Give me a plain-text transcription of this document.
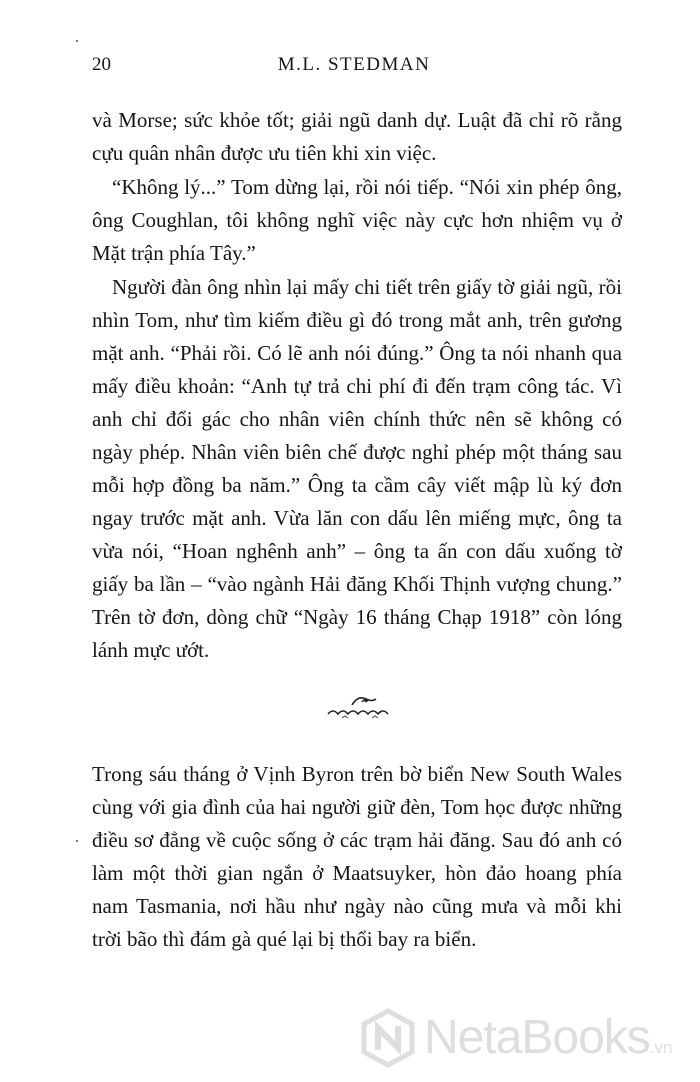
20	M.L. STEDMAN

và Morse; sức khỏe tốt; giải ngũ danh dự. Luật đã chỉ rõ rằng cựu quân nhân được ưu tiên khi xin việc.

“Không lý...” Tom dừng lại, rồi nói tiếp. “Nói xin phép ông, ông Coughlan, tôi không nghĩ việc này cực hơn nhiệm vụ ở Mặt trận phía Tây.”

Người đàn ông nhìn lại mấy chi tiết trên giấy tờ giải ngũ, rồi nhìn Tom, như tìm kiếm điều gì đó trong mắt anh, trên gương mặt anh. “Phải rồi. Có lẽ anh nói đúng.” Ông ta nói nhanh qua mấy điều khoản: “Anh tự trả chi phí đi đến trạm công tác. Vì anh chỉ đổi gác cho nhân viên chính thức nên sẽ không có ngày phép. Nhân viên biên chế được nghỉ phép một tháng sau mỗi hợp đồng ba năm.” Ông ta cầm cây viết mập lù ký đơn ngay trước mặt anh. Vừa lăn con dấu lên miếng mực, ông ta vừa nói, “Hoan nghênh anh” – ông ta ấn con dấu xuống tờ giấy ba lần – “vào ngành Hải đăng Khối Thịnh vượng chung.” Trên tờ đơn, dòng chữ “Ngày 16 tháng Chạp 1918” còn lóng lánh mực ướt.

Trong sáu tháng ở Vịnh Byron trên bờ biển New South Wales cùng với gia đình của hai người giữ đèn, Tom học được những điều sơ đẳng về cuộc sống ở các trạm hải đăng. Sau đó anh có làm một thời gian ngắn ở Maatsuyker, hòn đảo hoang phía nam Tasmania, nơi hầu như ngày nào cũng mưa và mỗi khi trời bão thì đám gà qué lại bị thổi bay ra biển.

NetaBooks.vn
